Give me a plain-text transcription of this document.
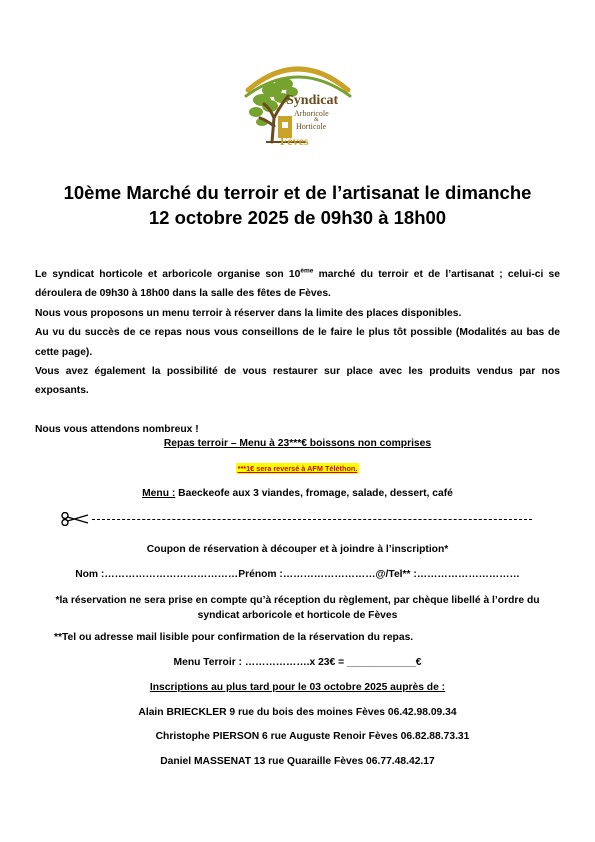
Syndicat
Arboricole
&
Horticole
Fèves
10ème Marché du terroir et de l’artisanat le dimanche
12 octobre 2025 de 09h30 à 18h00

Le syndicat horticole et arboricole organise son 10ème marché du terroir et de l’artisanat ; celui-ci se déroulera de 09h30 à 18h00 dans la salle des fêtes de Fèves.

Nous vous proposons un menu terroir à réserver dans la limite des places disponibles.

Au vu du succès de ce repas nous vous conseillons de le faire le plus tôt possible (Modalités au bas de cette page).

Vous avez également la possibilité de vous restaurer sur place avec les produits vendus par nos exposants.

Nous vous attendons nombreux !

Repas terroir – Menu à 23***€ boissons non comprises
***1€ sera reversé à AFM Téléthon.
Menu : Baeckeofe aux 3 viandes, fromage, salade, dessert, café
Coupon de réservation à découper et à joindre à l’inscription*
Nom :…………………………………Prénom :………………………@/Tel** :…………………………
*la réservation ne sera prise en compte qu’à réception du règlement, par chèque libellé à l’ordre du
syndicat arboricole et horticole de Fèves
**Tel ou adresse mail lisible pour confirmation de la réservation du repas.
Menu Terroir : ……………….x 23€ = ____________€
Inscriptions au plus tard pour le 03 octobre 2025 auprès de :
Alain BRIECKLER 9 rue du bois des moines Fèves 06.42.98.09.34
Christophe PIERSON 6 rue Auguste Renoir Fèves 06.82.88.73.31
Daniel MASSENAT 13 rue Quaraille Fèves 06.77.48.42.17
